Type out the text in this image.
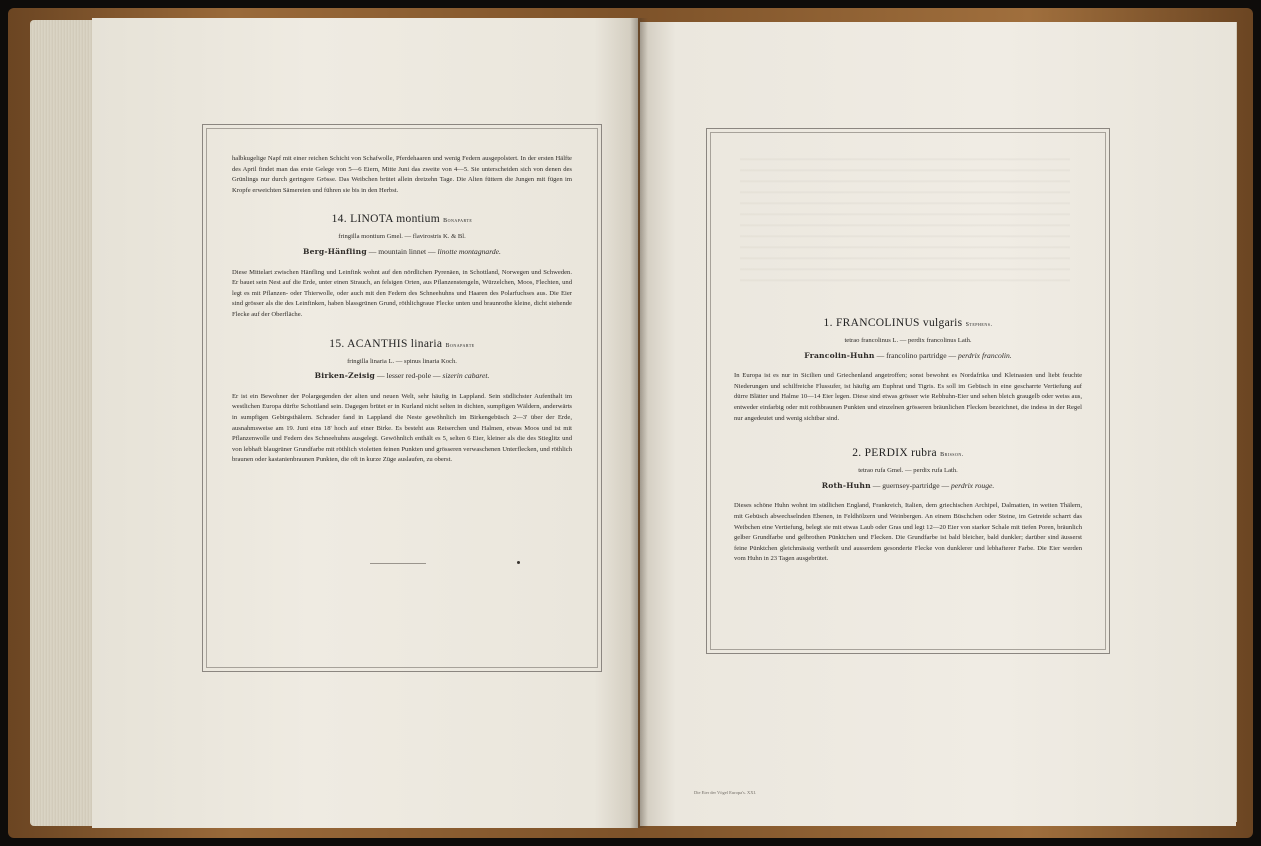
halbkugelige Napf mit einer reichen Schicht von Schafwolle, Pferdehaaren und wenig Federn ausgepolstert. In der ersten Hälfte des April findet man das erste Gelege von 5—6 Eiern, Mitte Juni das zweite von 4—5. Sie unterscheiden sich von denen des Grünlings nur durch geringere Grösse. Das Weibchen brütet allein dreizehn Tage. Die Alten füttern die Jungen mit fügen im Kropfe erweichten Sämereien und führen sie bis in den Herbst.

14. LINOTA montium Bonaparte
fringilla montium Gmel. — flavirostris K. & Bl.
Berg-Hänfling — mountain linnet — linotte montagnarde.

Diese Mittelart zwischen Hänfling und Leinfink wohnt auf den nördlichen Pyrenäen, in Schottland, Norwegen und Schweden. Er bauet sein Nest auf die Erde, unter einen Strauch, an felsigen Orten, aus Pflanzenstengeln, Würzelchen, Moos, Flechten, und legt es mit Pflanzen- oder Thierwolle, oder auch mit den Federn des Schneehuhns und Haaren des Polarfuchses aus. Die Eier sind grösser als die des Leinfinken, haben blassgrünen Grund, röthlichgraue Flecke unten und braunrothe kleine, dicht stehende Flecke auf der Oberfläche.

15. ACANTHIS linaria Bonaparte
fringilla linaria L. — spinus linaria Koch.
Birken-Zeisig — lesser red-pole — sizerin cabaret.

Er ist ein Bewohner der Polargegenden der alten und neuen Welt, sehr häufig in Lappland. Sein südlichster Aufenthalt im westlichen Europa dürfte Schottland sein. Dagegen brütet er in Kurland nicht selten in dichten, sumpfigen Wäldern, anderwärts in sumpfigen Gebirgsthälern. Schrader fand in Lappland die Neste gewöhnlich im Birkengebüsch 2—3' über der Erde, ausnahmsweise am 19. Juni eins 18' hoch auf einer Birke. Es besteht aus Reiserchen und Halmen, etwas Moos und ist mit Pflanzenwolle und Federn des Schneehuhns ausgelegt. Gewöhnlich enthält es 5, selten 6 Eier, kleiner als die des Stieglitz und von lebhaft blaugrüner Grundfarbe mit röthlich violetten feinen Punkten und grösseren verwaschenen Unterflecken, und röthlich braunen oder kastanienbraunen Punkten, die oft in kurze Züge auslaufen, zu oberst.

1. FRANCOLINUS vulgaris Stephens.
tetrao francolinus L. — perdix francolinus Lath.
Francolin-Huhn — francolino partridge — perdrix francolin.

In Europa ist es nur in Sicilien und Griechenland angetroffen; sonst bewohnt es Nordafrika und Kleinasien und liebt feuchte Niederungen und schilfreiche Flussufer, ist häufig am Euphrat und Tigris. Es soll im Gebüsch in eine gescharrte Vertiefung auf dürre Blätter und Halme 10—14 Eier legen. Diese sind etwas grösser wie Rebhuhn-Eier und sehen bleich graugelb oder weiss aus, entweder einfarbig oder mit rothbraunen Punkten und einzelnen grösseren bräunlichen Flecken bezeichnet, die indess in der Regel nur angedeutet und wenig sichtbar sind.

2. PERDIX rubra Brisson.
tetrao rufa Gmel. — perdix rufa Lath.
Roth-Huhn — guernsey-partridge — perdrix rouge.

Dieses schöne Huhn wohnt im südlichen England, Frankreich, Italien, dem griechischen Archipel, Dalmatien, in weiten Thälern, mit Gebüsch abwechselnden Ebenen, in Feldhölzern und Weinbergen. An einem Büschchen oder Steine, im Getreide scharrt das Weibchen eine Vertiefung, belegt sie mit etwas Laub oder Gras und legt 12—20 Eier von starker Schale mit tiefen Poren, bräunlich gelber Grundfarbe und gelbrothen Pünktchen und Flecken. Die Grundfarbe ist bald bleicher, bald dunkler; darüber sind äusserst feine Pünktchen gleichmässig vertheilt und ausserdem gesonderte Flecke von dunklerer und lebhafterer Farbe. Die Eier werden vom Huhn in 23 Tagen ausgebrütet.

Die Eier der Vögel Europa's. XXI.
